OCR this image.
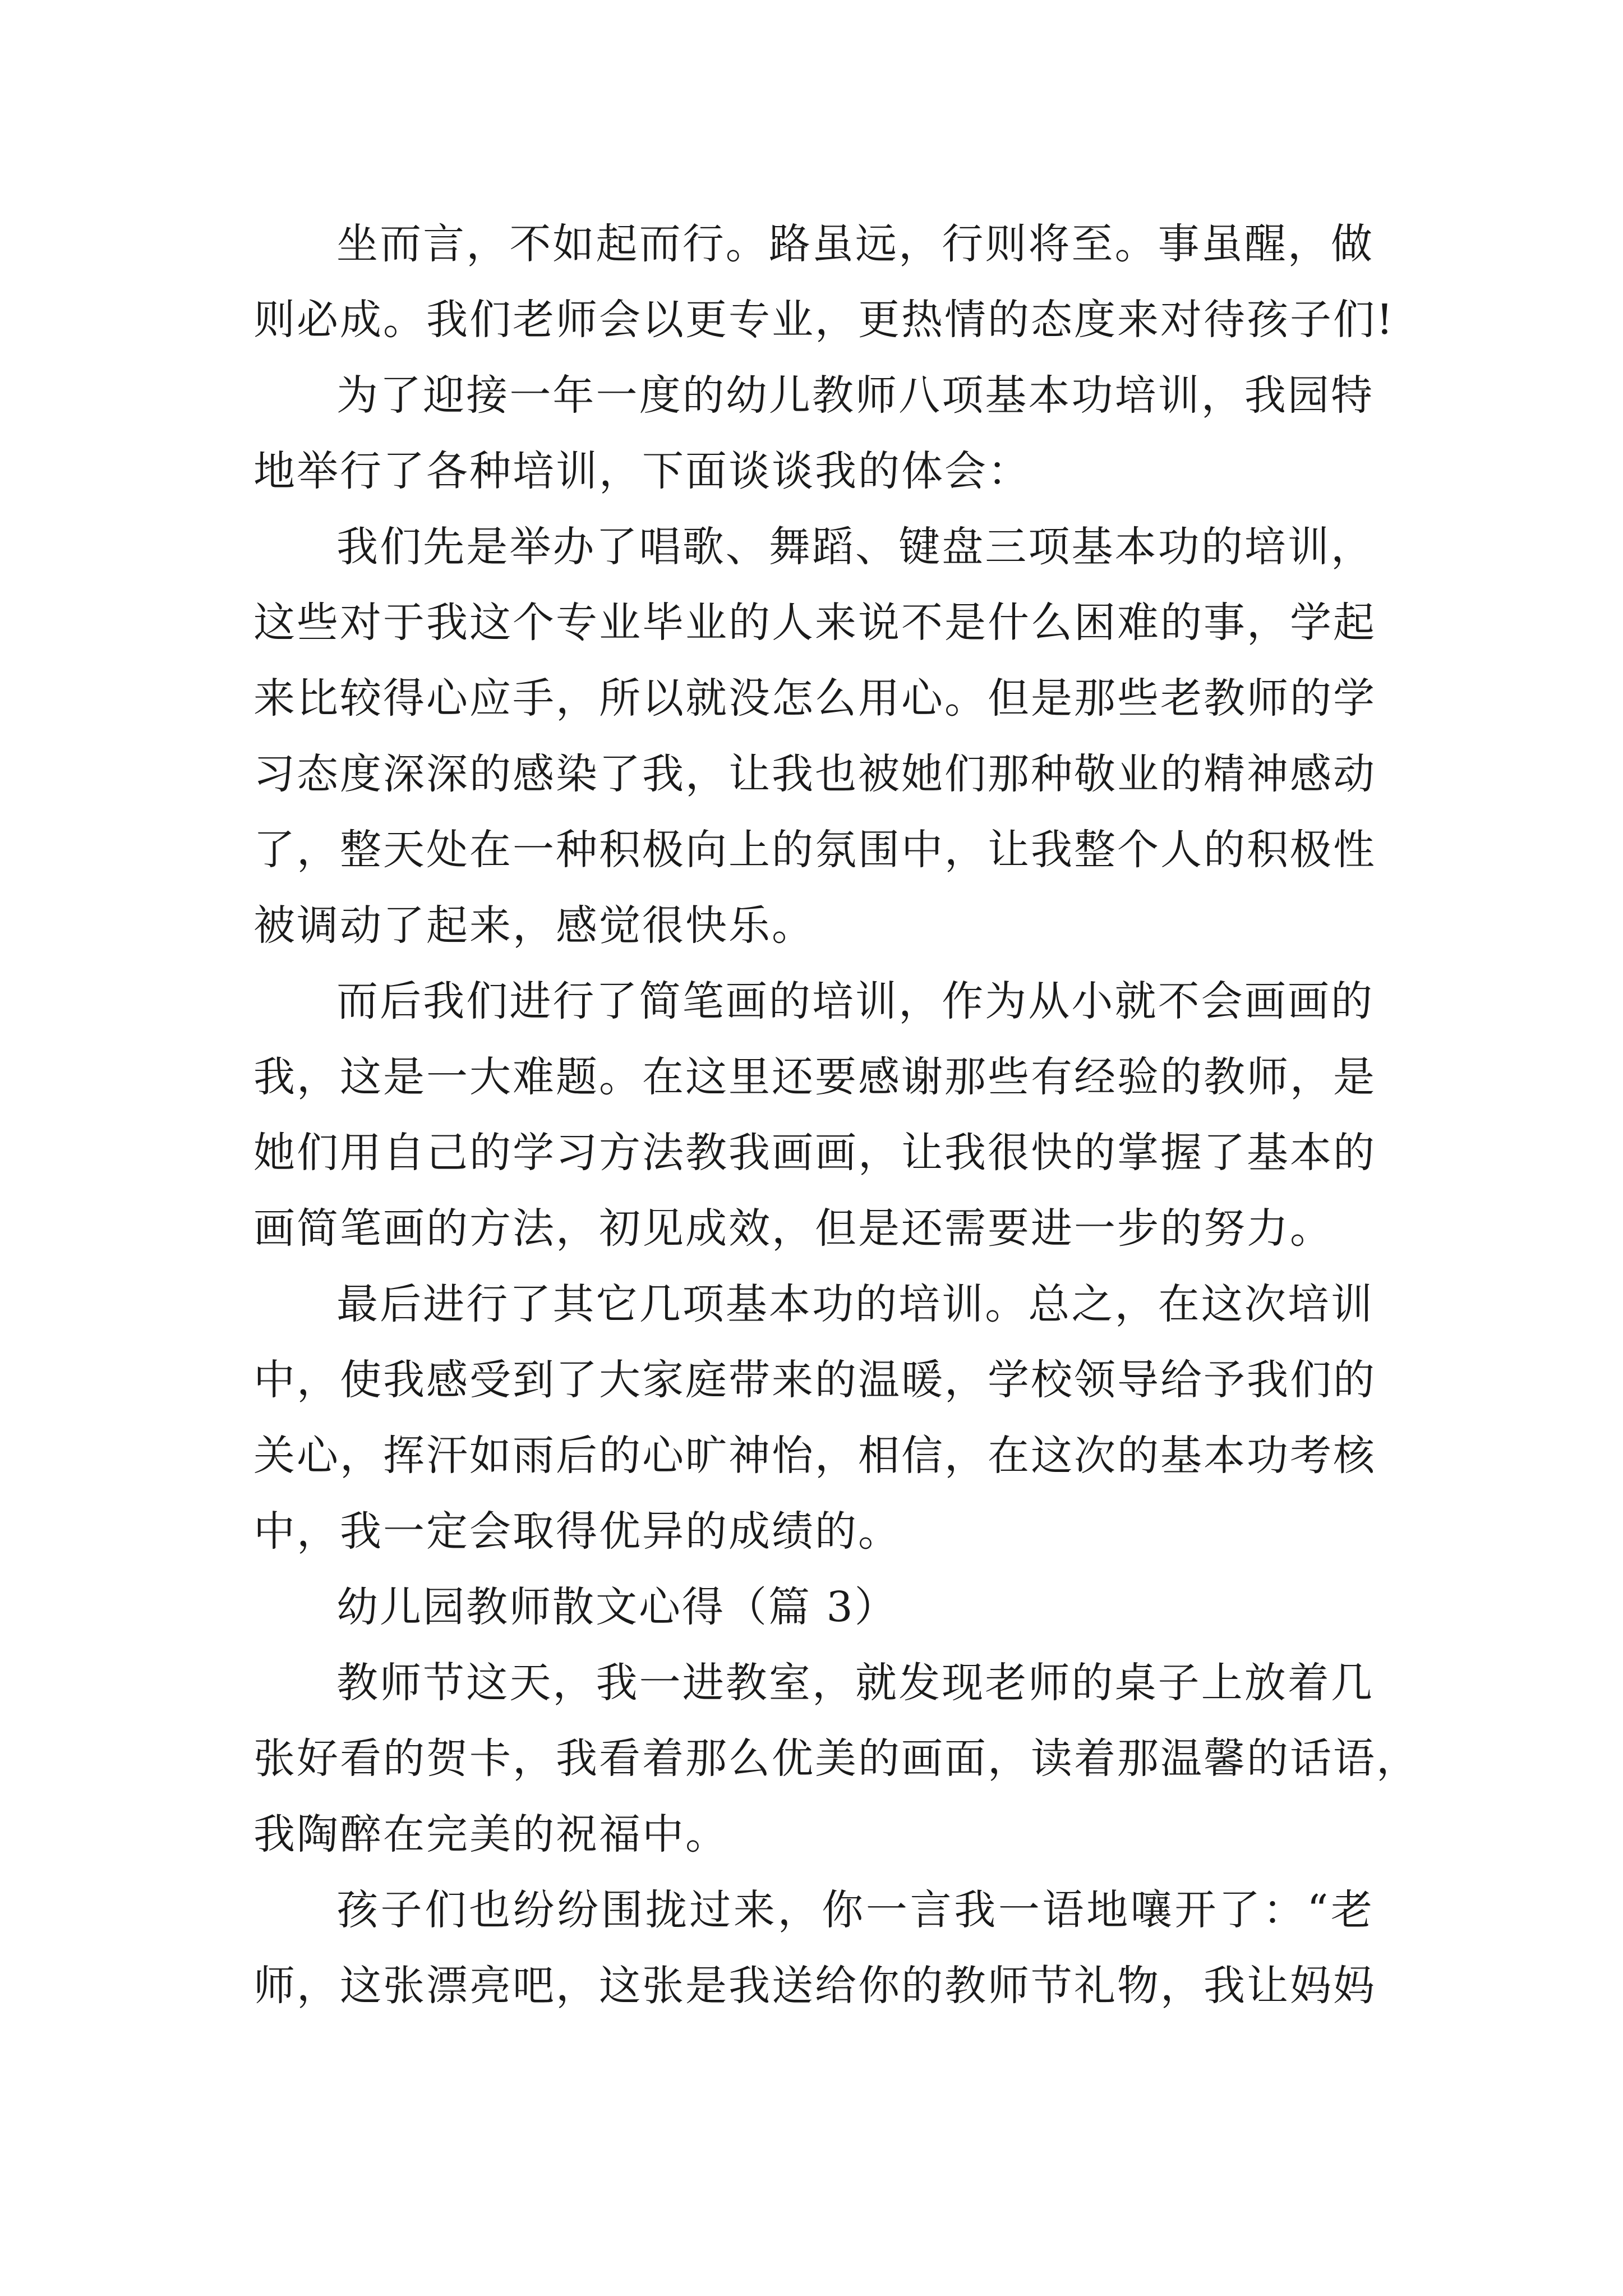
坐而言，不如起而行。路虽远，行则将至。事虽醒，做
则必成。我们老师会以更专业，更热情的态度来对待孩子们!
为了迎接一年一度的幼儿教师八项基本功培训，我园特
地举行了各种培训，下面谈谈我的体会：
我们先是举办了唱歌、舞蹈、键盘三项基本功的培训，
这些对于我这个专业毕业的人来说不是什么困难的事，学起
来比较得心应手，所以就没怎么用心。但是那些老教师的学
习态度深深的感染了我，让我也被她们那种敬业的精神感动
了，整天处在一种积极向上的氛围中，让我整个人的积极性
被调动了起来，感觉很快乐。
而后我们进行了简笔画的培训，作为从小就不会画画的
我，这是一大难题。在这里还要感谢那些有经验的教师，是
她们用自己的学习方法教我画画，让我很快的掌握了基本的
画简笔画的方法，初见成效，但是还需要进一步的努力。
最后进行了其它几项基本功的培训。总之，在这次培训
中，使我感受到了大家庭带来的温暖，学校领导给予我们的
关心，挥汗如雨后的心旷神怡，相信，在这次的基本功考核
中，我一定会取得优异的成绩的。
幼儿园教师散文心得（篇 3）
教师节这天，我一进教室，就发现老师的桌子上放着几
张好看的贺卡，我看着那么优美的画面，读着那温馨的话语，
我陶醉在完美的祝福中。
孩子们也纷纷围拢过来，你一言我一语地嚷开了：“老
师，这张漂亮吧，这张是我送给你的教师节礼物，我让妈妈
